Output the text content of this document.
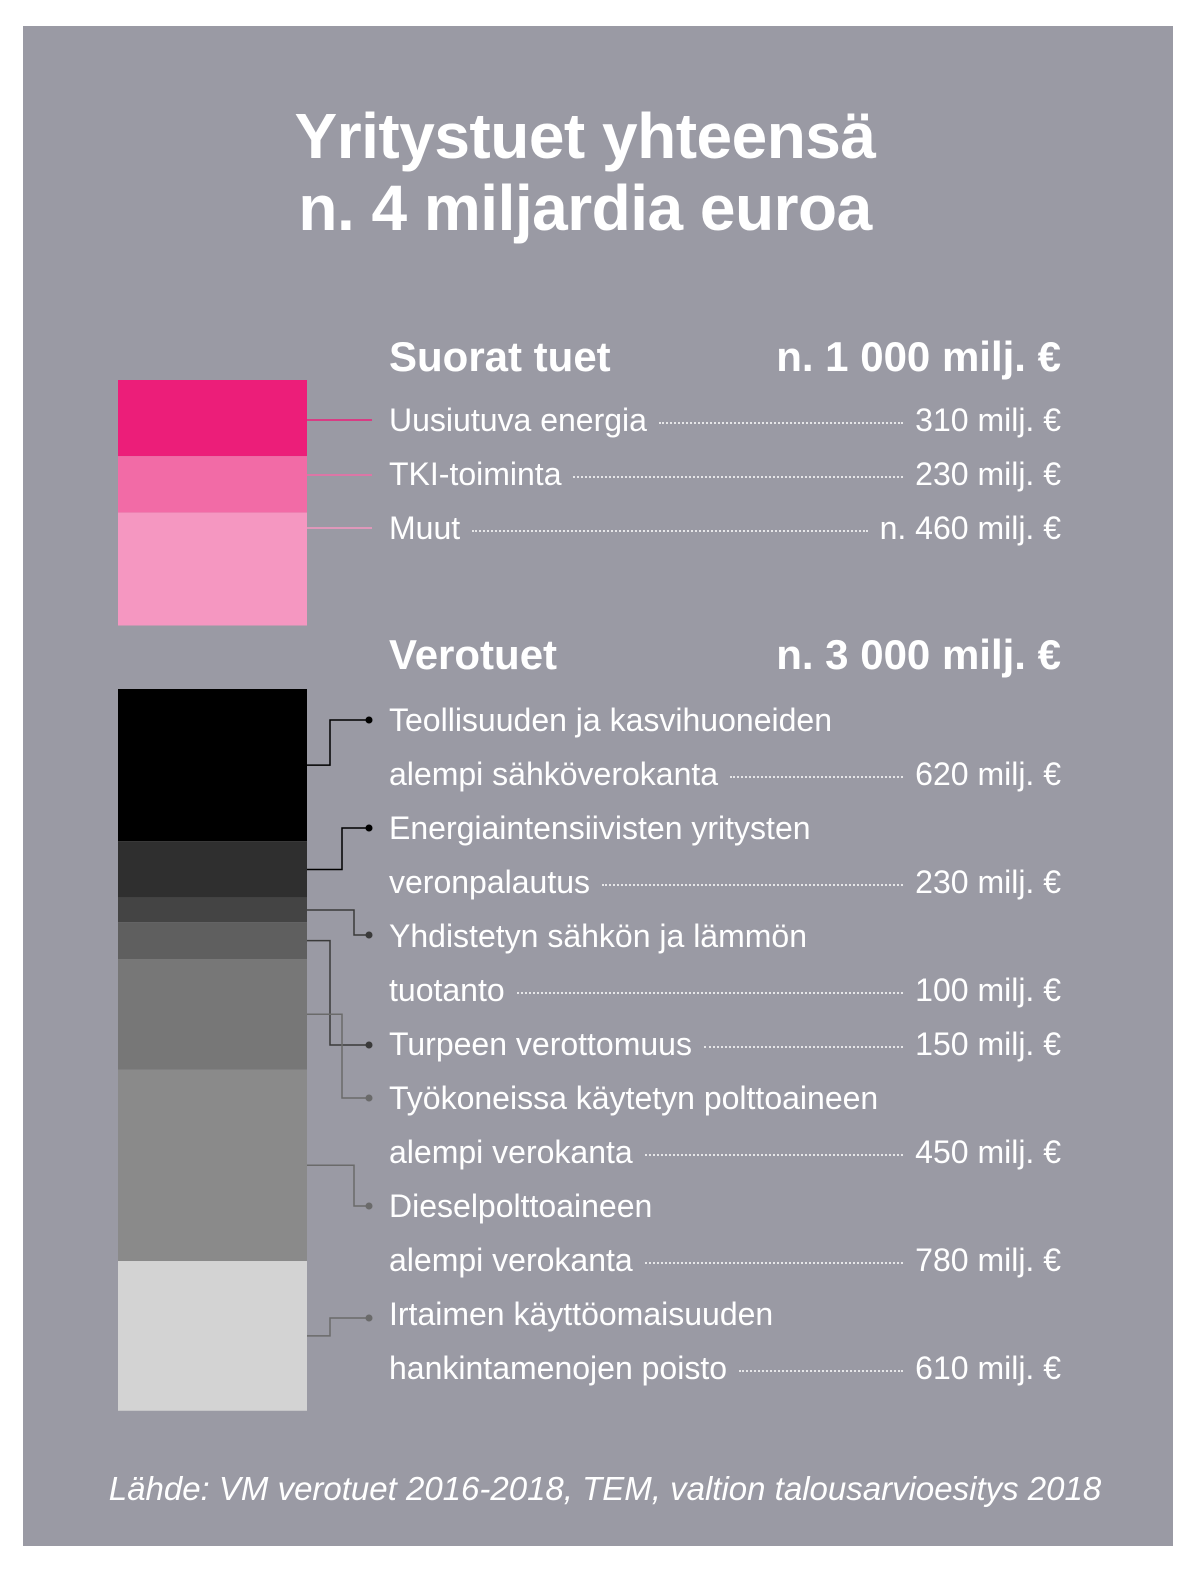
Yritystuet yhteensä
n. 4 miljardia euroa
Suorat tuet	n. 1 000 milj. €
Uusiutuva energia	310 milj. €
TKI-toiminta	230 milj. €
Muut	n. 460 milj. €
Verotuet	n. 3 000 milj. €
Teollisuuden ja kasvihuoneiden
alempi sähköverokanta	620 milj. €
Energiaintensiivisten yritysten
veronpalautus	230 milj. €
Yhdistetyn sähkön ja lämmön
tuotanto	100 milj. €
Turpeen verottomuus	150 milj. €
Työkoneissa käytetyn polttoaineen
alempi verokanta	450 milj. €
Dieselpolttoaineen
alempi verokanta	780 milj. €
Irtaimen käyttöomaisuuden
hankintamenojen poisto	610 milj. €
Lähde: VM verotuet 2016-2018, TEM, valtion talousarvioesitys 2018
